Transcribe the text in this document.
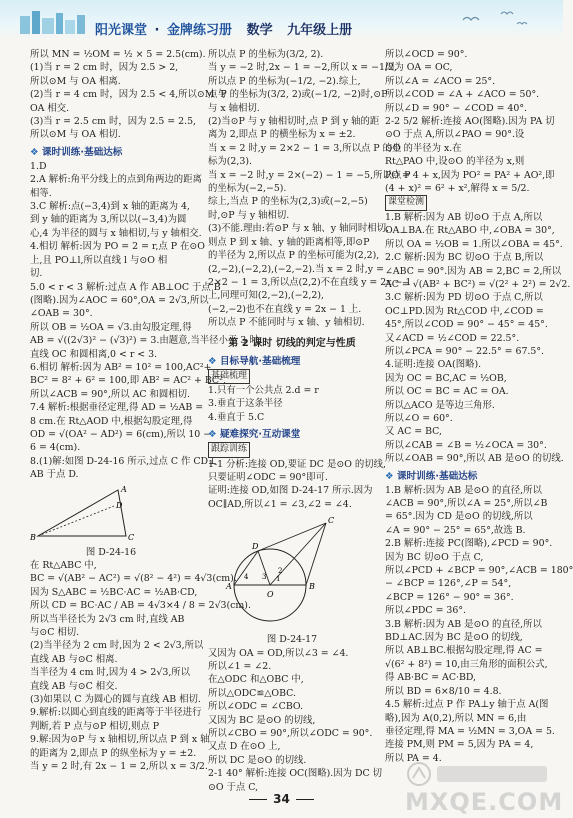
阳光课堂 · 金牌练习册 数学 九年级上册

所以 MN = ½OM = ½ × 5 = 2.5(cm).

(1)当 r = 2 cm 时，因为 2.5 > 2,

所以⊙M 与 OA 相离.

(2)当 r = 4 cm 时，因为 2.5 < 4,所以⊙M 与

OA 相交.

(3)当 r = 2.5 cm 时，因为 2.5 = 2.5,

所以⊙M 与 OA 相切.

❖ 课时训练·基础达标

1.D

2.A 解析:角平分线上的点到角两边的距离

相等.

3.C 解析:点(−3,4)到 x 轴的距离为 4,

到 y 轴的距离为 3,所以以(−3,4)为圆

心,4 为半径的圆与 x 轴相切,与 y 轴相交.

4.相切 解析:因为 PO = 2 = r,点 P 在⊙O

上,且 PO⊥l,所以直线 l 与⊙O 相

切.

5.0 < r < 3 解析:过点 A 作 AB⊥OC 于点 B

(图略).因为∠AOC = 60°,OA = 2√3,所以

∠OAB = 30°.

所以 OB = ½OA = √3.由勾股定理,得

AB = √((2√3)² − (√3)²) = 3.由题意,当半径小于 3 时,

直线 OC 和圆相离,0 < r < 3.

6.相切 解析:因为 AB² = 10² = 100,AC²+

BC² = 8² + 6² = 100,即 AB² = AC² + BC²,

所以∠ACB = 90°,所以 AC 和圆相切.

7.4 解析:根据垂径定理,得 AD = ½AB =

8 cm.在 Rt△AOD 中,根据勾股定理,得

OD = √(OA² − AD²) = 6(cm),所以 10 −

6 = 4(cm).

8.(1)解:如图 D-24-16 所示,过点 C 作 CD⊥

AB 于点 D.

A
B	C
D

图 D-24-16

在 Rt△ABC 中,

BC = √(AB² − AC²) = √(8² − 4²) = 4√3(cm).

因为 S△ABC = ½BC·AC = ½AB·CD,

所以 CD = BC·AC / AB = 4√3×4 / 8 = 2√3(cm).

所以当半径长为 2√3 cm 时,直线 AB

与⊙C 相切.

(2)当半径为 2 cm 时,因为 2 < 2√3,所以

直线 AB 与⊙C 相离.

当半径为 4 cm 时,因为 4 > 2√3,所以

直线 AB 与⊙C 相交.

(3)如果以 C 为圆心的圆与直线 AB 相切.

9.解析:以圆心到直线的距离等于半径进行

判断,若 P 点与⊙P 相切,则点 P

9.解:因为⊙P 与 x 轴相切,所以点 P 到 x 轴

的距离为 2,即点 P 的纵坐标为 y = ±2.

当 y = 2 时,有 2x − 1 = 2,所以 x = 3/2.

所以点 P 的坐标为(3/2, 2).

当 y = −2 时,2x − 1 = −2,所以 x = −1/2,

所以点 P 的坐标为(−1/2, −2).综上,

点 P 的坐标为(3/2, 2)或(−1/2, −2)时,⊙P

与 x 轴相切.

(2)当⊙P 与 y 轴相切时,点 P 到 y 轴的距

离为 2,即点 P 的横坐标为 x = ±2.

当 x = 2 时,y = 2×2 − 1 = 3,所以点 P 的坐

标为(2,3).

当 x = −2 时,y = 2×(−2) − 1 = −5,所以点 P

的坐标为(−2,−5).

综上,当点 P 的坐标为(2,3)或(−2,−5)

时,⊙P 与 y 轴相切.

(3)不能.理由:若⊙P 与 x 轴、y 轴同时相切,

则点 P 到 x 轴、y 轴的距离相等,即⊙P

的半径为 2,所以点 P 的坐标可能为(2,2),

(2,−2),(−2,2),(−2,−2).当 x = 2 时,y =

2×2 − 1 = 3,所以点(2,2)不在直线 y = 2x − 1

上,同理可知(2,−2),(−2,2),

(−2,−2)也不在直线 y = 2x − 1 上.

所以点 P 不能同时与 x 轴、y 轴相切.

第 2 课时 切线的判定与性质

❖ 目标导航·基础梳理

基础梳理

1.只有一个公共点 2.d = r

3.垂直于这条半径

4.垂直于 5.C

❖ 疑难探究·互动课堂

跟踪训练

1-1 分析:连接 OD,要证 DC 是⊙O 的切线,

只要证明∠ODC = 90°即可.

证明:连接 OD,如图 D-24-17 所示.因为

OC∥AD,所以∠1 = ∠3,∠2 = ∠4.

A	B
C
D
O
1
2
3
4

图 D-24-17

又因为 OA = OD,所以∠3 = ∠4.

所以∠1 = ∠2.

在△ODC 和△OBC 中,

所以△ODC≌△OBC.

所以∠ODC = ∠CBO.

又因为 BC 是⊙O 的切线,

所以∠CBO = 90°,所以∠ODC = 90°.

又点 D 在⊙O 上,

所以 DC 是⊙O 的切线.

2-1 40° 解析:连接 OC(图略).因为 DC 切

⊙O 于点 C,

所以∠OCD = 90°.

因为 OA = OC,

所以∠A = ∠ACO = 25°.

所以∠COD = ∠A + ∠ACO = 50°.

所以∠D = 90° − ∠COD = 40°.

2-2 5/2 解析:连接 AO(图略).因为 PA 切

⊙O 于点 A,所以∠PAO = 90°.设

⊙O 的半径为 x.在

Rt△PAO 中,设⊙O 的半径为 x,则

PO = 4 + x,因为 PO² = PA² + AO²,即

(4 + x)² = 6² + x²,解得 x = 5/2.

课堂检测

1.B 解析:因为 AB 切⊙O 于点 A,所以

OA⊥BA.在 Rt△ABO 中,∠OBA = 30°,

所以 OA = ½OB = 1.所以∠OBA = 45°.

2.C 解析:因为 BC 切⊙O 于点 B,所以

∠ABC = 90°.因为 AB = 2,BC = 2,所以

AC = √(AB² + BC²) = √(2² + 2²) = 2√2.

3.C 解析:因为 PD 切⊙O 于点 C,所以

OC⊥PD.因为 Rt△COD 中,∠COD =

45°,所以∠COD = 90° − 45° = 45°.

又∠ACD = ½∠COD = 22.5°.

所以∠PCA = 90° − 22.5° = 67.5°.

4.证明:连接 OA(图略).

因为 OC = BC,AC = ½OB,

所以 OC = BC = AC = OA.

所以△ACO 是等边三角形.

所以∠O = 60°.

又 AC = BC,

所以∠CAB = ∠B = ½∠OCA = 30°.

所以∠OAB = 90°,所以 AB 是⊙O 的切线.

❖ 课时训练·基础达标

1.B 解析:因为 AB 是⊙O 的直径,所以

∠ACB = 90°,所以∠A = 25°,所以∠B

= 65°.因为 CD 是⊙O 的切线,所以

∠A = 90° − 25° = 65°,故选 B.

2.B 解析:连接 PC(图略),∠PCD = 90°.

因为 BC 切⊙O 于点 C,

所以∠PCD + ∠BCP = 90°,∠ACB = 180°

− ∠BCP = 126°,∠P = 54°,

∠BCP = 126° − 90° = 36°.

所以∠PDC = 36°.

3.B 解析:因为 AB 是⊙O 的直径,所以

BD⊥AC.因为 BC 是⊙O 的切线,

所以 AB⊥BC.根据勾股定理,得 AC =

√(6² + 8²) = 10,由三角形的面积公式,

得 AB·BC = AC·BD,

所以 BD = 6×8/10 = 4.8.

4.5 解析:过点 P 作 PA⊥y 轴于点 A(图

略),因为 A(0,2),所以 MN = 6,由

垂径定理,得 MA = ½MN = 3,OA = 5.

连接 PM,则 PM = 5,因为 PA = 4,

所以 PA = 4.

34	MXQE.COM
